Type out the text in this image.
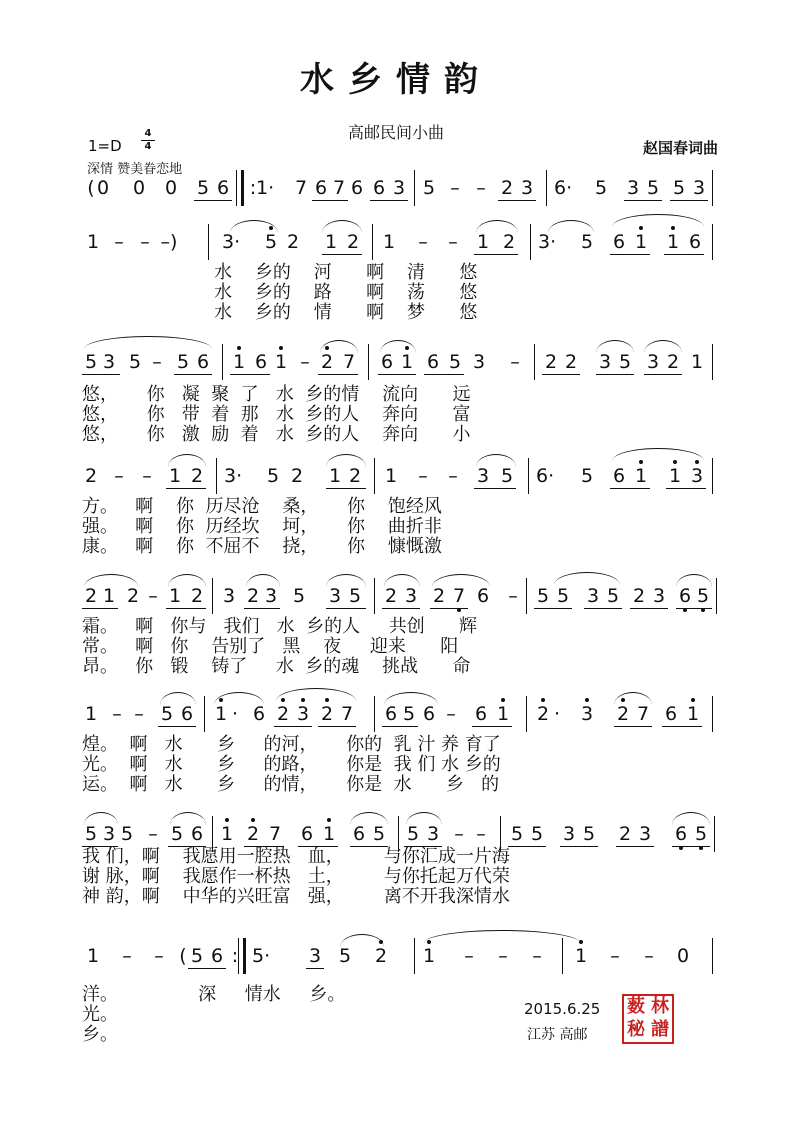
水乡情韵
高邮民间小曲
赵国春词曲
1=D
4
4
深情 赞美眷恋地
( 0 0 0 5 6	: 1· 7 6 7 6 6 3 5 – – 2 3 6· 5 3 5 5 3
1 – – –) 3· 5 2 1 2 1 – – 1 2 3· 5 6 1 1 6
水    乡的    河      啊    清      悠
水    乡的    路      啊    荡      悠
水    乡的    情      啊    梦      悠
5 3 5 – 5 6 1 6 1 – 2 7 6 1 6 5 3 – 2 2 3 5 3 2 1
悠，     你   凝  聚  了   水  乡的情    流向      远
悠，     你   带  着  那   水  乡的人    奔向      富
悠，     你   激  励  着   水  乡的人    奔向      小
2 – – 1 2 3· 5 2 1 2 1 – – 3 5 6· 5 6 1 1 3
方。   啊    你  历尽沧    桑，     你    饱经风
强。   啊    你  历经坎    坷，     你    曲折非
康。   啊    你  不屈不    挠，     你    慷慨激
2 1 2 – 1 2 3 2 3 5 3 5 2 3 2 7 6 – 5 5 3 5 2 3 6 5
霜。   啊   你与   我们   水  乡的人     共创      辉
常。   啊   你    告别了   黑    夜     迎来      阳
昂。   你   锻    铸了     水  乡的魂    挑战      命
1 – – 5 6 1 · 6 2 3 2 7 6 5 6 – 6 1 2 ·	3 2 7 6 1
煌。  啊   水      乡     的河，     你的  乳 汁 养 育了
光。  啊   水      乡     的路，     你是  我 们 水 乡的
运。  啊   水      乡     的情，     你是  水      乡   的
5 3 5 – 5 6 1 2 7 6 1 6 5 5 3 – – 5 5 3 5 2 3 6 5
我 们，啊    我愿用一腔热   血，       与你汇成一片海
谢 脉，啊    我愿作一杯热   土，       与你托起万代荣
神 韵，啊    中华的兴旺富   强，       离不开我深情水
1 – – ( 5 6 : 5· 3 5 2 1 – – – 1 – – 0
洋。              深     情水     乡。
光。
乡。
2015.6.25
江苏 高邮
薮 林
秘 譜
